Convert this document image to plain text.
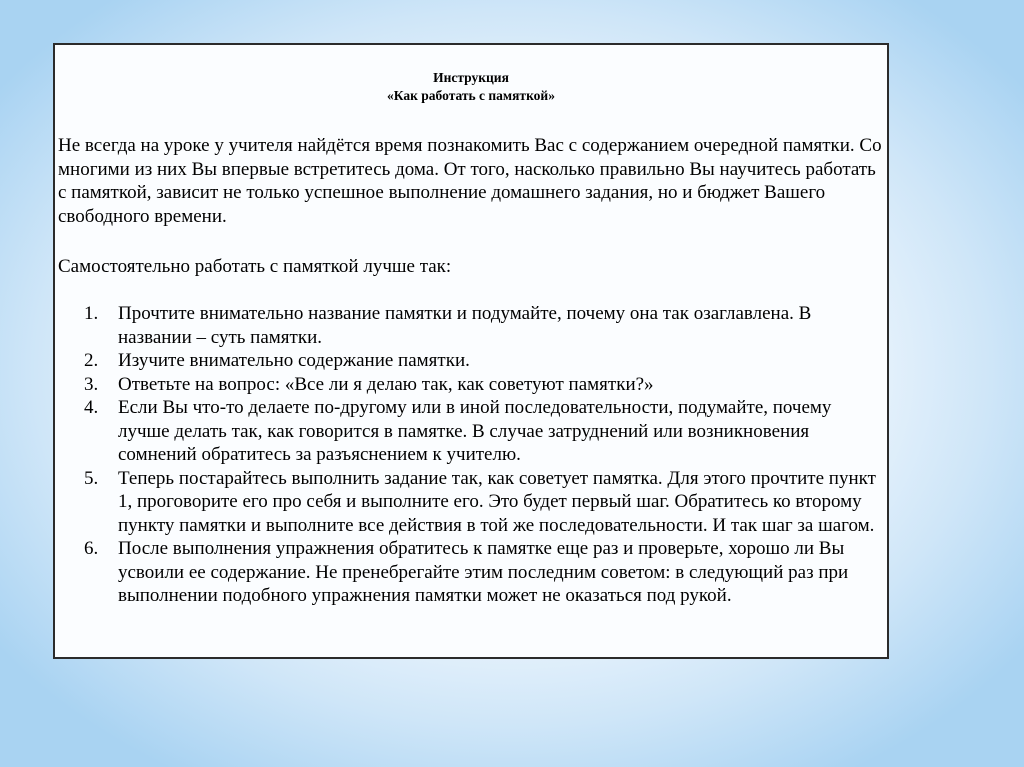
Инструкция
«Как работать с памяткой»

Не всегда на уроке у учителя найдётся время познакомить Вас с содержанием очередной памятки. Со многими из них Вы впервые встретитесь дома. От того, насколько правильно Вы научитесь работать с памяткой, зависит не только успешное выполнение домашнего задания, но и бюджет Вашего свободного времени.

Самостоятельно работать с памяткой лучше так:
1. Прочтите внимательно название памятки и подумайте, почему она так озаглавлена. В названии – суть памятки.
2. Изучите внимательно содержание памятки.
3. Ответьте на вопрос: «Все ли я делаю так, как советуют памятки?»
4. Если Вы что-то делаете по-другому или в иной последовательности, подумайте, почему лучше делать так, как говорится в памятке. В случае затруднений или возникновения сомнений обратитесь за разъяснением к учителю.
5. Теперь постарайтесь выполнить задание так, как советует памятка. Для этого прочтите пункт 1, проговорите его про себя и выполните его. Это будет первый шаг. Обратитесь ко второму пункту памятки и выполните все действия в той же последовательности. И так шаг за шагом.
6. После выполнения упражнения обратитесь к памятке еще раз и проверьте, хорошо ли Вы усвоили ее содержание. Не пренебрегайте этим последним советом: в следующий раз при выполнении подобного упражнения памятки может не оказаться под рукой.
